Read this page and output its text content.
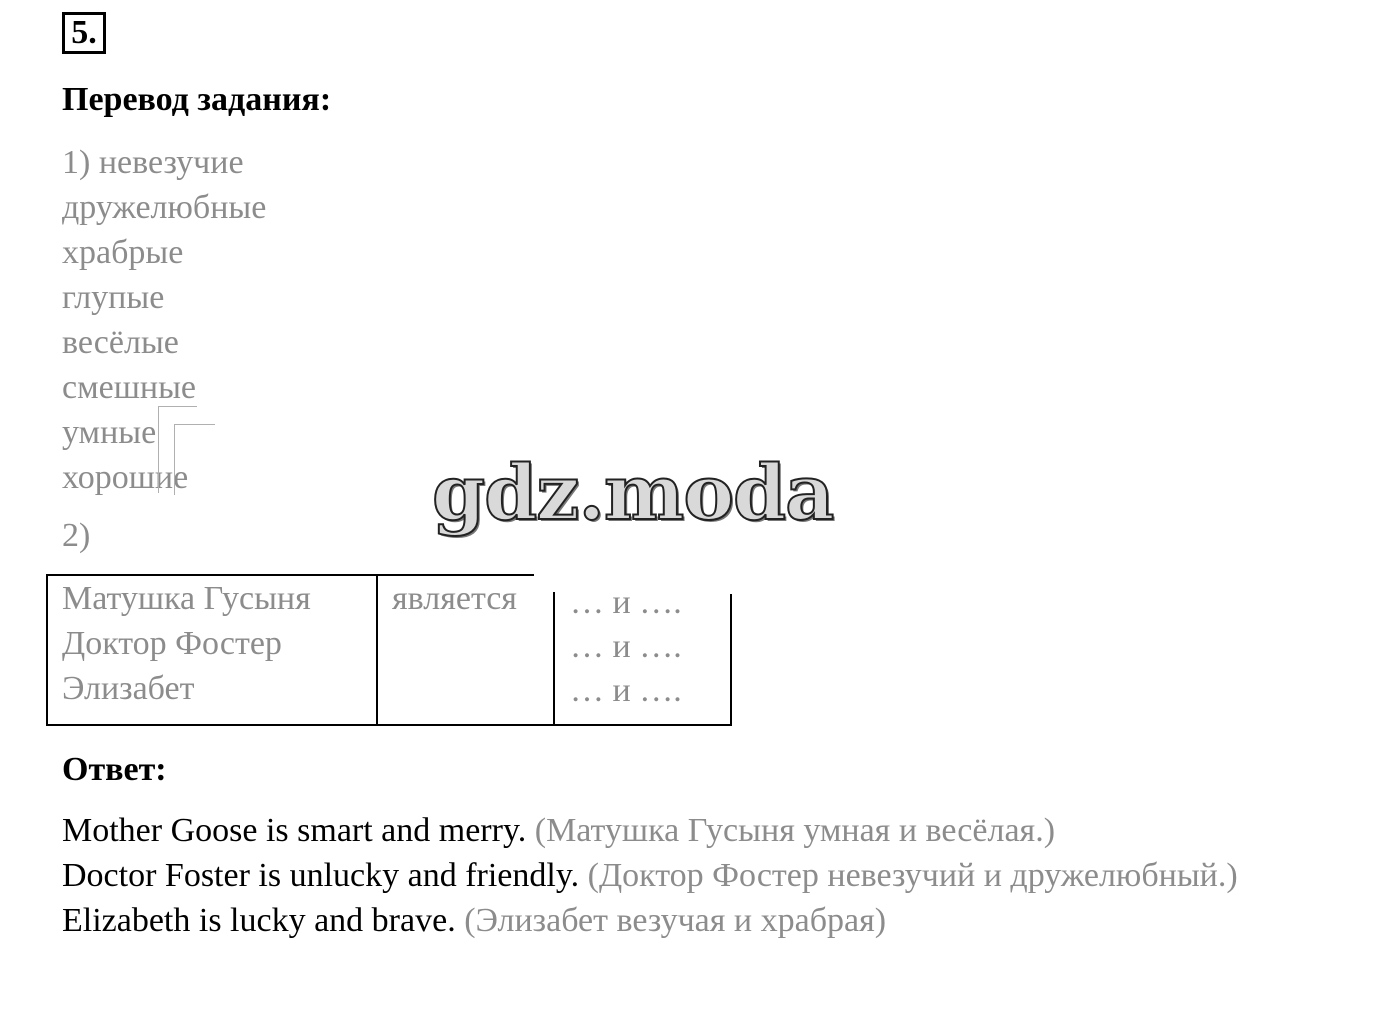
5.
Перевод задания:
1) невезучие
дружелюбные
храбрые
глупые
весёлые
смешные
умные
хорошие
2)
Матушка Гусыня
Доктор Фостер
Элизабет
является … и ….
… и ….
… и ….
gdz.moda
Ответ:
Mother Goose is smart and merry. (Матушка Гусыня умная и весёлая.)
Doctor Foster is unlucky and friendly. (Доктор Фостер невезучий и дружелюбный.)
Elizabeth is lucky and brave. (Элизабет везучая и храбрая)
